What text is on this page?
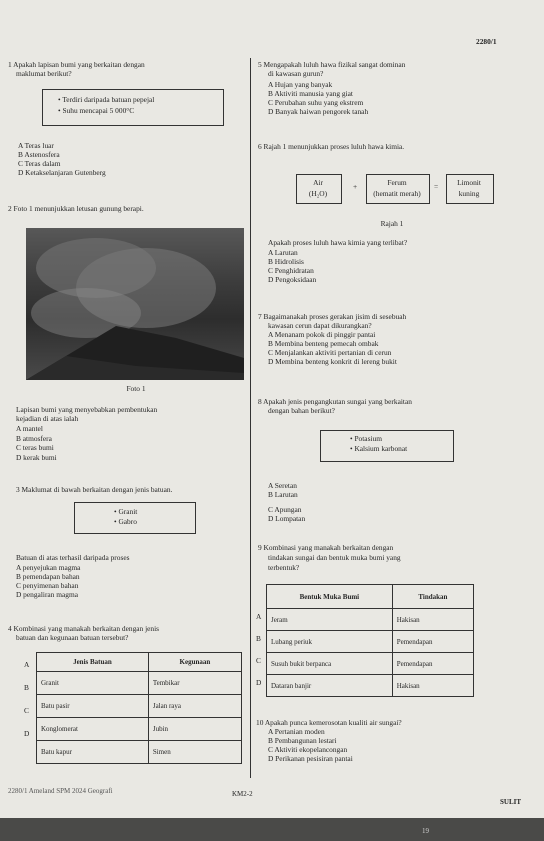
2280/1
1 Apakah lapisan bumi yang berkaitan dengan
maklumat berikut?
• Terdiri daripada batuan pepejal
• Suhu mencapai 5 000°C
A Teras luar
B Astenosfera
C Teras dalam
D Ketakselanjaran Gutenberg
2 Foto 1 menunjukkan letusan gunung berapi.
Foto 1
Lapisan bumi yang menyebabkan pembentukan
kejadian di atas ialah
A mantel
B atmosfera
C teras bumi
D kerak bumi
3 Maklumat di bawah berkaitan dengan jenis batuan.
• Granit
• Gabro
Batuan di atas terhasil daripada proses
A penyejukan magma
B pemendapan bahan
C penyimenan bahan
D pengaliran magma
4 Kombinasi yang manakah berkaitan dengan jenis
batuan dan kegunaan batuan tersebut?
A
B
C
D
Jenis Batuan	Kegunaan
Granit	Tembikar
Batu pasir	Jalan raya
Konglomerat	Jubin
Batu kapur	Simen
5 Mengapakah luluh hawa fizikal sangat dominan
di kawasan gurun?
A Hujan yang banyak
B Aktiviti manusia yang giat
C Perubahan suhu yang ekstrem
D Banyak haiwan pengorek tanah
6 Rajah 1 menunjukkan proses luluh hawa kimia.
Air
(H₂O)
+	Ferum
(hematit merah)
=	Limonit
kuning
Rajah 1
Apakah proses luluh hawa kimia yang terlibat?
A Larutan
B Hidrolisis
C Penghidratan
D Pengoksidaan
7 Bagaimanakah proses gerakan jisim di sesebuah
kawasan cerun dapat dikurangkan?
A Menanam pokok di pinggir pantai
B Membina benteng pemecah ombak
C Menjalankan aktiviti pertanian di cerun
D Membina benteng konkrit di lereng bukit
8 Apakah jenis pengangkutan sungai yang berkaitan
dengan bahan berikut?
• Potasium
• Kalsium karbonat
A Seretan
B Larutan
C Apungan
D Lompatan
9 Kombinasi yang manakah berkaitan dengan
tindakan sungai dan bentuk muka bumi yang
terbentuk?
A
B
C
D
Bentuk Muka Bumi	Tindakan
Jeram	Hakisan
Lubang periuk	Pemendapan
Susuh bukit berpanca	Pemendapan
Dataran banjir	Hakisan
10 Apakah punca kemerosotan kualiti air sungai?
A Pertanian moden
B Pembangunan lestari
C Aktiviti ekopelancongan
D Perikanan pesisiran pantai
2280/1 Ameland SPM 2024 Geografi	KM2-2
SULIT
19
